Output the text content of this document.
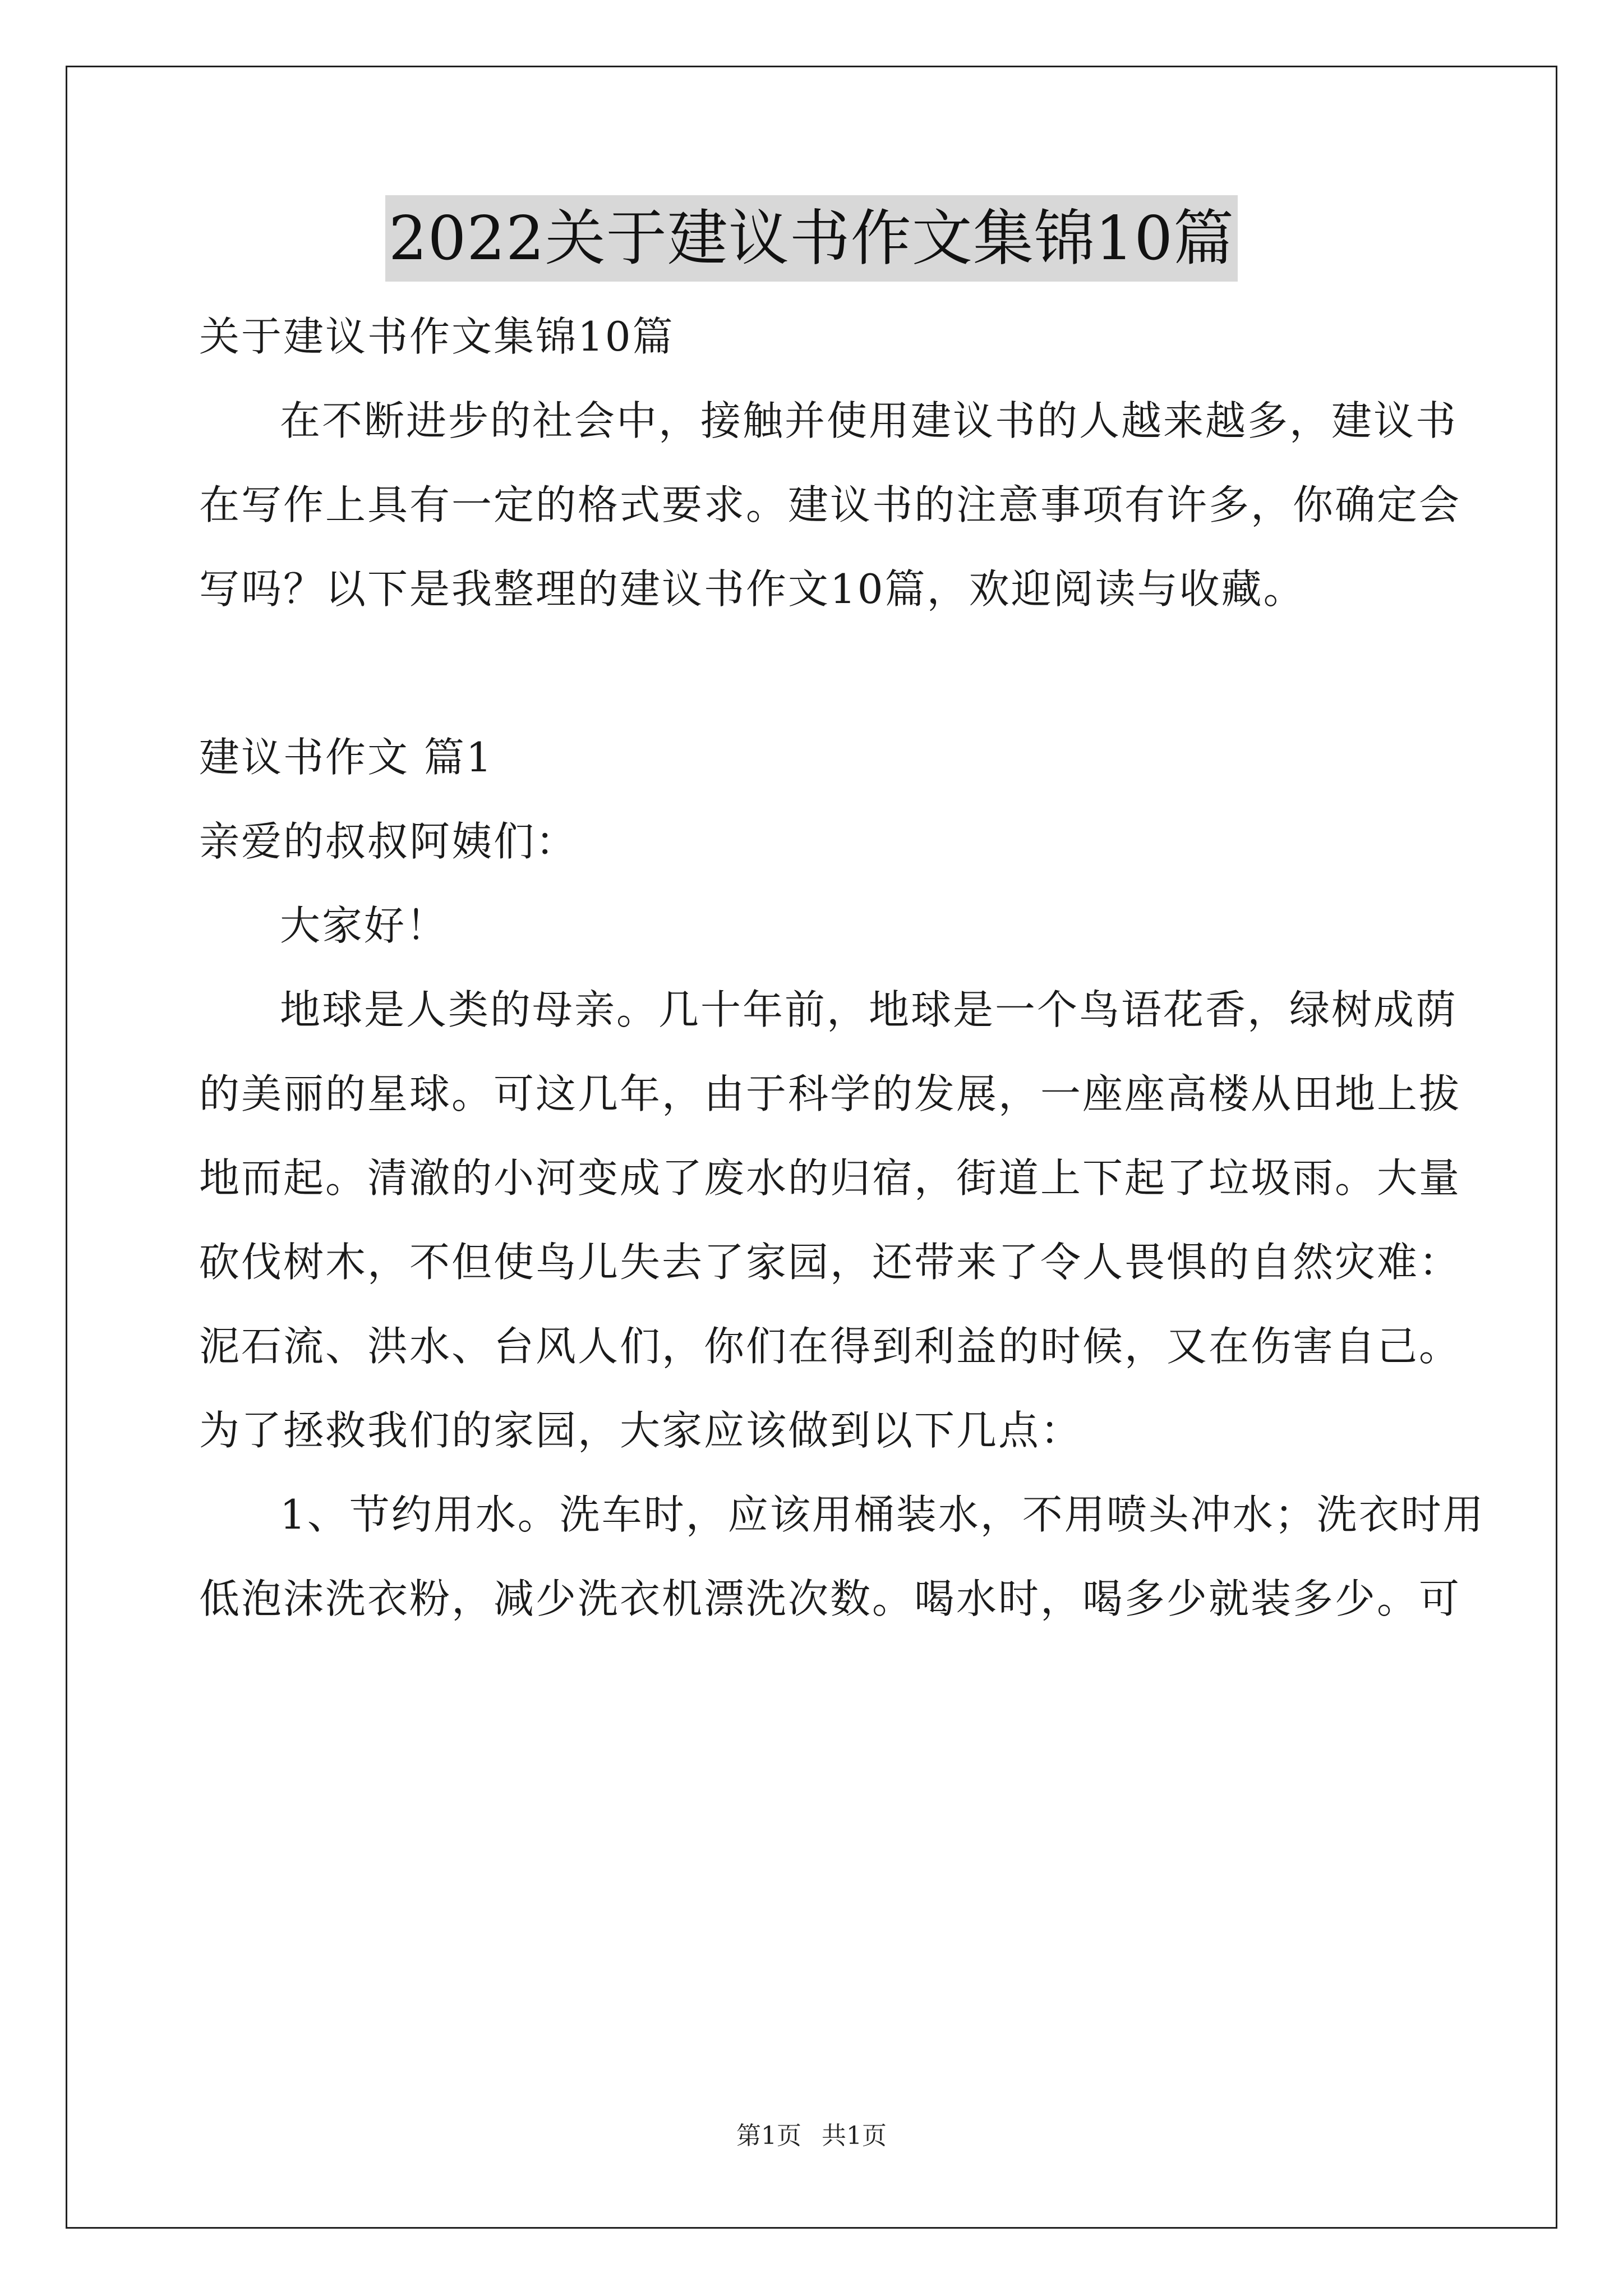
2022关于建议书作文集锦10篇
关于建议书作文集锦10篇
在不断进步的社会中，接触并使用建议书的人越来越多，建议书
在写作上具有一定的格式要求。建议书的注意事项有许多，你确定会
写吗？以下是我整理的建议书作文10篇，欢迎阅读与收藏。
建议书作文 篇1
亲爱的叔叔阿姨们：
大家好！
地球是人类的母亲。几十年前，地球是一个鸟语花香，绿树成荫
的美丽的星球。可这几年，由于科学的发展，一座座高楼从田地上拔
地而起。清澈的小河变成了废水的归宿，街道上下起了垃圾雨。大量
砍伐树木，不但使鸟儿失去了家园，还带来了令人畏惧的自然灾难：
泥石流、洪水、台风人们，你们在得到利益的时候，又在伤害自己。
为了拯救我们的家园，大家应该做到以下几点：
1、节约用水。洗车时，应该用桶装水，不用喷头冲水；洗衣时用
低泡沫洗衣粉，减少洗衣机漂洗次数。喝水时，喝多少就装多少。可
第1页 共1页
